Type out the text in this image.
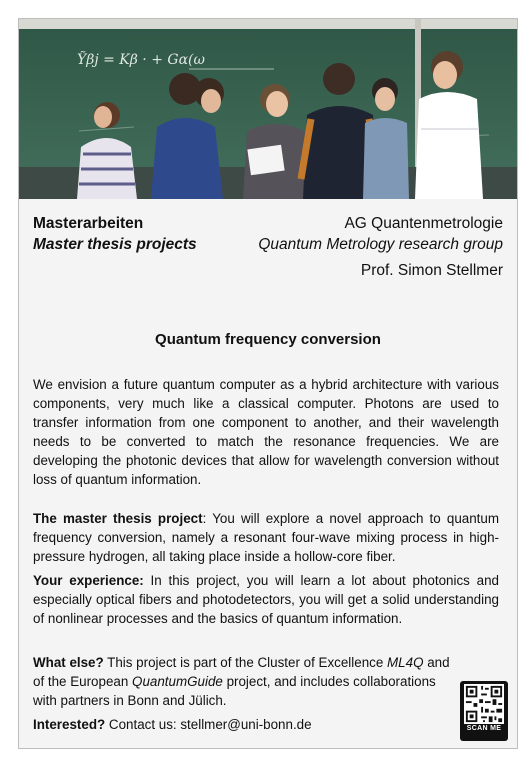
Ỹβj = Kβ · + Gα(ω
Masterarbeiten
Master thesis projects
AG Quantenmetrologie
Quantum Metrology research group
Prof. Simon Stellmer
Quantum frequency conversion

We envision a future quantum computer as a hybrid architecture with various components, very much like a classical computer. Photons are used to transfer information from one component to another, and their wavelength needs to be converted to match the resonance frequencies. We are developing the photonic devices that allow for wavelength conversion without loss of quantum information.

The master thesis project: You will explore a novel approach to quantum frequency conversion, namely a resonant four-wave mixing process in high-pressure hydrogen, all taking place inside a hollow-core fiber.

Your experience: In this project, you will learn a lot about photonics and especially optical fibers and photodetectors, you will get a solid understanding of nonlinear processes and the basics of quantum information.

What else? This project is part of the Cluster of Excellence ML4Q and of the European QuantumGuide project, and includes collaborations with partners in Bonn and Jülich.

Interested? Contact us: stellmer@uni-bonn.de	SCAN ME
